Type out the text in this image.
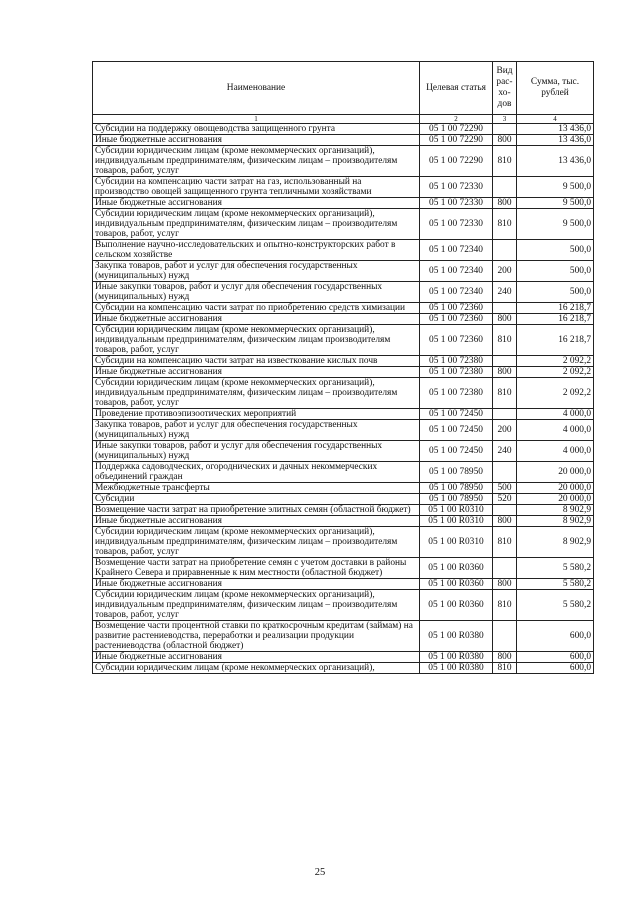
Наименование	Целевая статья	Вид рас-хо-дов	Сумма, тыс. рублей
1	2	3	4
Субсидии на поддержку овощеводства защищенного грунта	05 1 00 72290		13 436,0
Иные бюджетные ассигнования	05 1 00 72290	800	13 436,0
Субсидии юридическим лицам (кроме некоммерческих организаций), индивидуальным предпринимателям, физическим лицам – производителям товаров, работ, услуг	05 1 00 72290	810	13 436,0
Субсидии на компенсацию части затрат на газ, использованный на производство овощей защищенного грунта тепличными хозяйствами	05 1 00 72330		9 500,0
Иные бюджетные ассигнования	05 1 00 72330	800	9 500,0
Субсидии юридическим лицам (кроме некоммерческих организаций), индивидуальным предпринимателям, физическим лицам – производителям товаров, работ, услуг	05 1 00 72330	810	9 500,0
Выполнение научно-исследовательских и опытно-конструкторских работ в сельском хозяйстве	05 1 00 72340		500,0
Закупка товаров, работ и услуг для обеспечения государственных (муниципальных) нужд	05 1 00 72340	200	500,0
Иные закупки товаров, работ и услуг для обеспечения государственных (муниципальных) нужд	05 1 00 72340	240	500,0
Субсидии на компенсацию части затрат по приобретению средств химизации	05 1 00 72360		16 218,7
Иные бюджетные ассигнования	05 1 00 72360	800	16 218,7
Субсидии юридическим лицам (кроме некоммерческих организаций), индивидуальным предпринимателям, физическим лицам производителям товаров, работ, услуг	05 1 00 72360	810	16 218,7
Субсидии на компенсацию части затрат на известкование кислых почв	05 1 00 72380		2 092,2
Иные бюджетные ассигнования	05 1 00 72380	800	2 092,2
Субсидии юридическим лицам (кроме некоммерческих организаций), индивидуальным предпринимателям, физическим лицам – производителям товаров, работ, услуг	05 1 00 72380	810	2 092,2
Проведение противоэпизоотических мероприятий	05 1 00 72450		4 000,0
Закупка товаров, работ и услуг для обеспечения государственных (муниципальных) нужд	05 1 00 72450	200	4 000,0
Иные закупки товаров, работ и услуг для обеспечения государственных (муниципальных) нужд	05 1 00 72450	240	4 000,0
Поддержка садоводческих, огороднических и дачных некоммерческих объединений граждан	05 1 00 78950		20 000,0
Межбюджетные трансферты	05 1 00 78950	500	20 000,0
Субсидии	05 1 00 78950	520	20 000,0
Возмещение части затрат на приобретение элитных семян (областной бюджет)	05 1 00 R0310		8 902,9
Иные бюджетные ассигнования	05 1 00 R0310	800	8 902,9
Субсидии юридическим лицам (кроме некоммерческих организаций), индивидуальным предпринимателям, физическим лицам – производителям товаров, работ, услуг	05 1 00 R0310	810	8 902,9
Возмещение части затрат на приобретение семян с учетом доставки в районы Крайнего Севера и приравненные к ним местности (областной бюджет)	05 1 00 R0360		5 580,2
Иные бюджетные ассигнования	05 1 00 R0360	800	5 580,2
Субсидии юридическим лицам (кроме некоммерческих организаций), индивидуальным предпринимателям, физическим лицам – производителям товаров, работ, услуг	05 1 00 R0360	810	5 580,2
Возмещение части процентной ставки по краткосрочным кредитам (займам) на развитие растениеводства, переработки и реализации продукции растениеводства (областной бюджет)	05 1 00 R0380		600,0
Иные бюджетные ассигнования	05 1 00 R0380	800	600,0
Субсидии юридическим лицам (кроме некоммерческих организаций),	05 1 00 R0380	810	600,0
25
